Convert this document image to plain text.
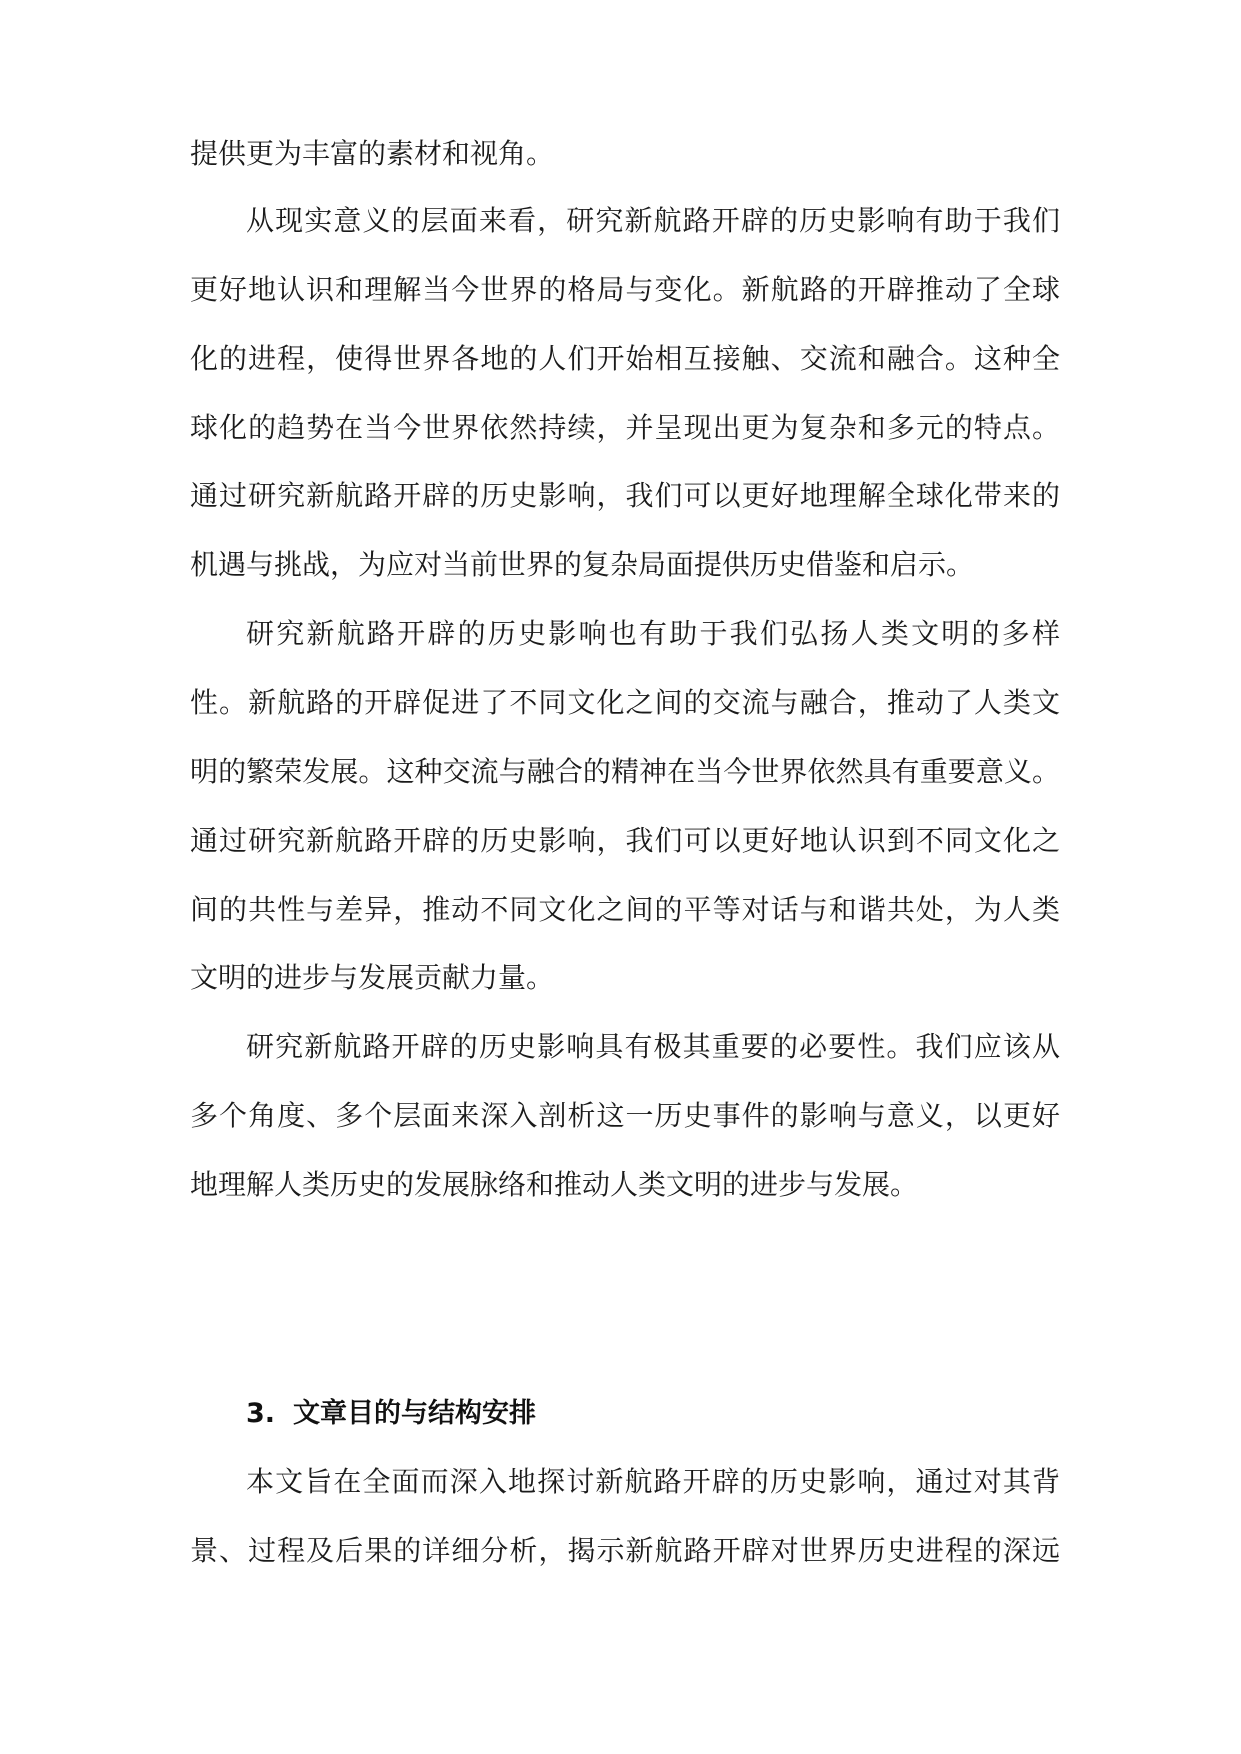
提供更为丰富的素材和视角。
从现实意义的层面来看，研究新航路开辟的历史影响有助于我们
更好地认识和理解当今世界的格局与变化。新航路的开辟推动了全球
化的进程，使得世界各地的人们开始相互接触、交流和融合。这种全
球化的趋势在当今世界依然持续，并呈现出更为复杂和多元的特点。
通过研究新航路开辟的历史影响，我们可以更好地理解全球化带来的
机遇与挑战，为应对当前世界的复杂局面提供历史借鉴和启示。
研究新航路开辟的历史影响也有助于我们弘扬人类文明的多样
性。新航路的开辟促进了不同文化之间的交流与融合，推动了人类文
明的繁荣发展。这种交流与融合的精神在当今世界依然具有重要意义。
通过研究新航路开辟的历史影响，我们可以更好地认识到不同文化之
间的共性与差异，推动不同文化之间的平等对话与和谐共处，为人类
文明的进步与发展贡献力量。
研究新航路开辟的历史影响具有极其重要的必要性。我们应该从
多个角度、多个层面来深入剖析这一历史事件的影响与意义，以更好
地理解人类历史的发展脉络和推动人类文明的进步与发展。
3. 文章目的与结构安排
本文旨在全面而深入地探讨新航路开辟的历史影响，通过对其背
景、过程及后果的详细分析，揭示新航路开辟对世界历史进程的深远
